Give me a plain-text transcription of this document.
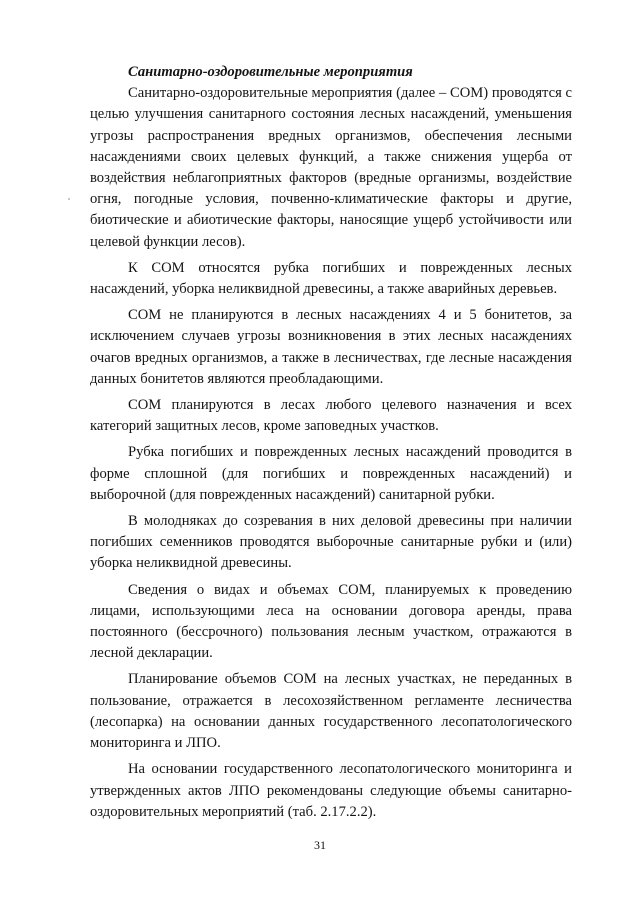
Санитарно-оздоровительные мероприятия

Санитарно-оздоровительные мероприятия (далее – СОМ) проводятся с целью улучшения санитарного состояния лесных насаждений, уменьшения угрозы распространения вредных организмов, обеспечения лесными насаждениями своих целевых функций, а также снижения ущерба от воздействия неблагоприятных факторов (вредные организмы, воздействие огня, погодные условия, почвенно-климатические факторы и другие, биотические и абиотические факторы, наносящие ущерб устойчивости или целевой функции лесов).

К СОМ относятся рубка погибших и поврежденных лесных насаждений, уборка неликвидной древесины, а также аварийных деревьев.

СОМ не планируются в лесных насаждениях 4 и 5 бонитетов, за исключением случаев угрозы возникновения в этих лесных насаждениях очагов вредных организмов, а также в лесничествах, где лесные насаждения данных бонитетов являются преобладающими.

СОМ планируются в лесах любого целевого назначения и всех категорий защитных лесов, кроме заповедных участков.

Рубка погибших и поврежденных лесных насаждений проводится в форме сплошной (для погибших и поврежденных насаждений) и выборочной (для поврежденных насаждений) санитарной рубки.

В молодняках до созревания в них деловой древесины при наличии погибших семенников проводятся выборочные санитарные рубки и (или) уборка неликвидной древесины.

Сведения о видах и объемах СОМ, планируемых к проведению лицами, использующими леса на основании договора аренды, права постоянного (бессрочного) пользования лесным участком, отражаются в лесной декларации.

Планирование объемов СОМ на лесных участках, не переданных в пользование, отражается в лесохозяйственном регламенте лесничества (лесопарка) на основании данных государственного лесопатологического мониторинга и ЛПО.

На основании государственного лесопатологического мониторинга и утвержденных актов ЛПО рекомендованы следующие объемы санитарно-оздоровительных мероприятий (таб. 2.17.2.2).

31
